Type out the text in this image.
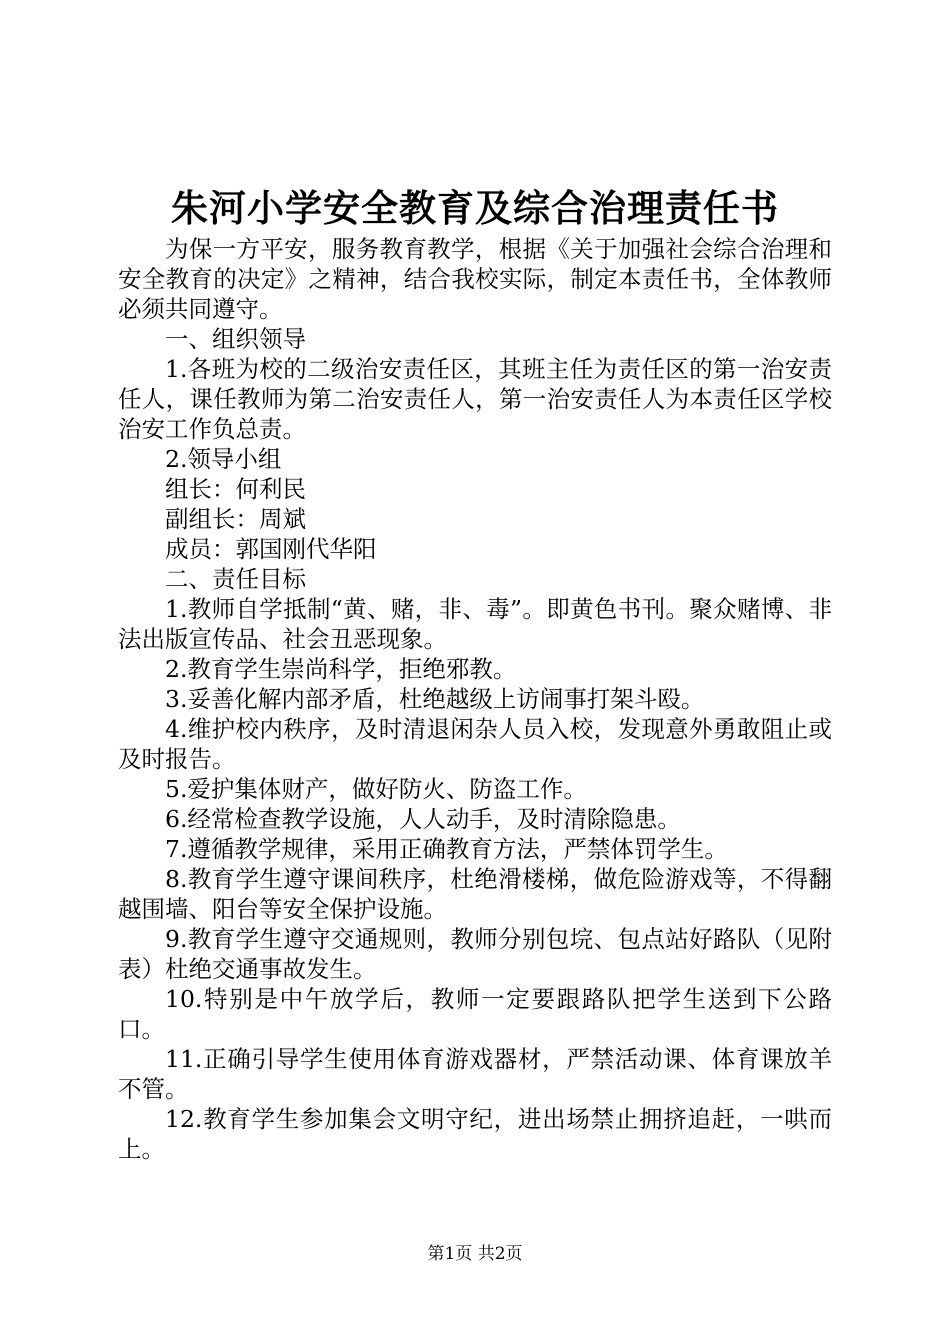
朱河小学安全教育及综合治理责任书

为保一方平安，服务教育教学，根据《关于加强社会综合治理和安全教育的决定》之精神，结合我校实际，制定本责任书，全体教师必须共同遵守。

一、组织领导

1.各班为校的二级治安责任区，其班主任为责任区的第一治安责任人，课任教师为第二治安责任人，第一治安责任人为本责任区学校治安工作负总责。

2.领导小组

组长：何利民

副组长：周斌

成员：郭国刚代华阳

二、责任目标

1.教师自学抵制“黄、赌，非、毒”。即黄色书刊。聚众赌博、非法出版宣传品、社会丑恶现象。

2.教育学生崇尚科学，拒绝邪教。

3.妥善化解内部矛盾，杜绝越级上访闹事打架斗殴。

4.维护校内秩序，及时清退闲杂人员入校，发现意外勇敢阻止或及时报告。

5.爱护集体财产，做好防火、防盗工作。

6.经常检查教学设施，人人动手，及时清除隐患。

7.遵循教学规律，采用正确教育方法，严禁体罚学生。

8.教育学生遵守课间秩序，杜绝滑楼梯，做危险游戏等，不得翻越围墙、阳台等安全保护设施。

9.教育学生遵守交通规则，教师分别包垸、包点站好路队（见附表）杜绝交通事故发生。

10.特别是中午放学后，教师一定要跟路队把学生送到下公路口。

11.正确引导学生使用体育游戏器材，严禁活动课、体育课放羊不管。

12.教育学生参加集会文明守纪，进出场禁止拥挤追赶，一哄而上。

第1页 共2页
